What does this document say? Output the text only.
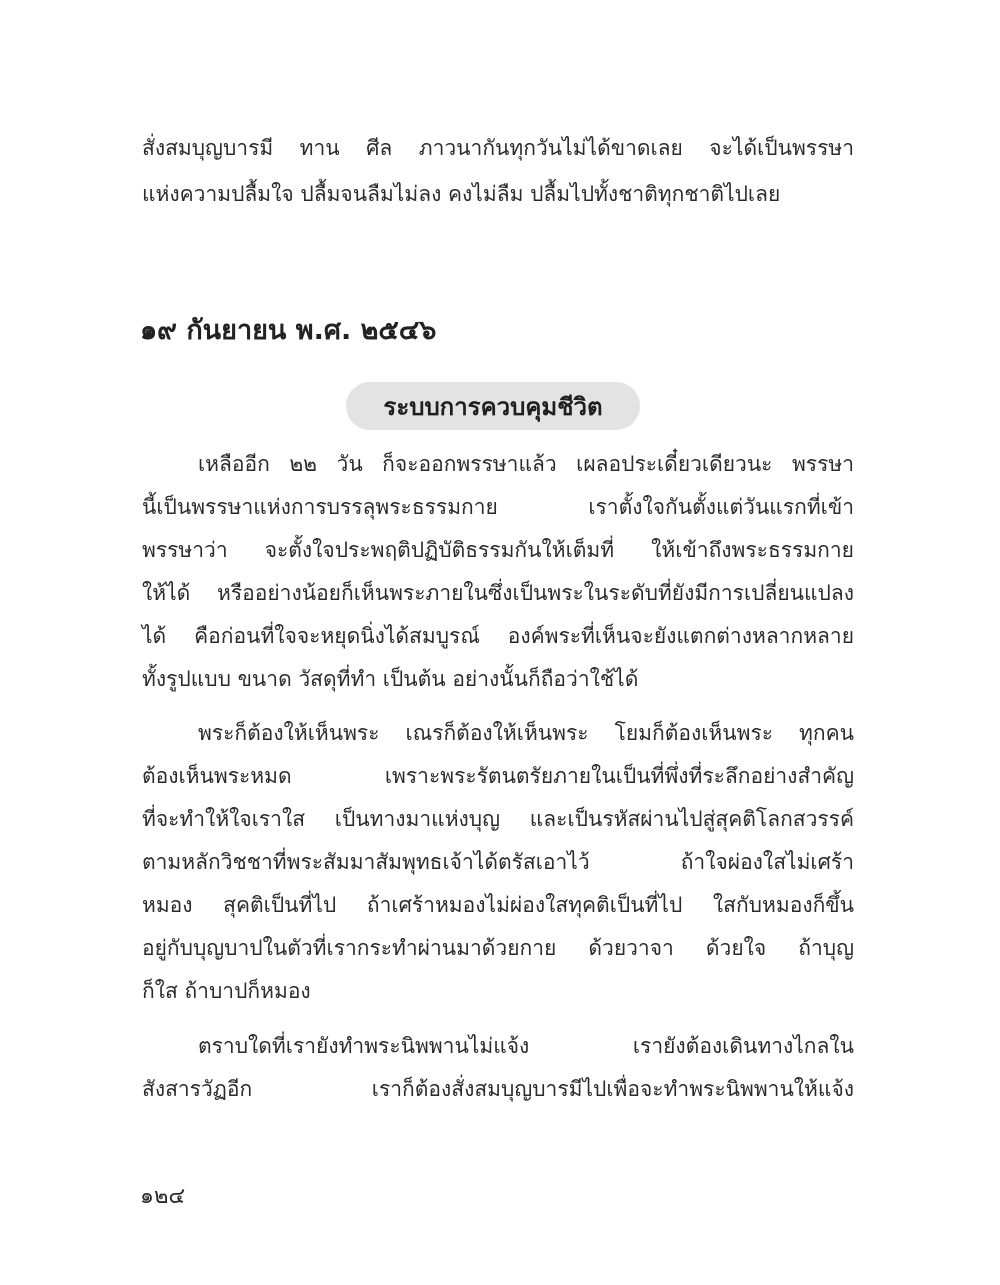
สั่งสมบุญบารมี ทาน ศีล ภาวนากันทุกวันไม่ได้ขาดเลย จะได้เป็นพรรษา
แห่งความปลื้มใจ ปลื้มจนลืมไม่ลง คงไม่ลืม ปลื้มไปทั้งชาติทุกชาติไปเลย
๑๙ กันยายน พ.ศ. ๒๕๔๖
ระบบการควบคุมชีวิต
เหลืออีก ๒๒ วัน ก็จะออกพรรษาแล้ว เผลอประเดี๋ยวเดียวนะ พรรษา
นี้เป็นพรรษาแห่งการบรรลุพระธรรมกาย เราตั้งใจกันตั้งแต่วันแรกที่เข้า
พรรษาว่า จะตั้งใจประพฤติปฏิบัติธรรมกันให้เต็มที่ ให้เข้าถึงพระธรรมกาย
ให้ได้ หรืออย่างน้อยก็เห็นพระภายในซึ่งเป็นพระในระดับที่ยังมีการเปลี่ยนแปลง
ได้ คือก่อนที่ใจจะหยุดนิ่งได้สมบูรณ์ องค์พระที่เห็นจะยังแตกต่างหลากหลาย
ทั้งรูปแบบ ขนาด วัสดุที่ทำ เป็นต้น อย่างนั้นก็ถือว่าใช้ได้
พระก็ต้องให้เห็นพระ เณรก็ต้องให้เห็นพระ โยมก็ต้องเห็นพระ ทุกคน
ต้องเห็นพระหมด เพราะพระรัตนตรัยภายในเป็นที่พึ่งที่ระลึกอย่างสำคัญ
ที่จะทำให้ใจเราใส เป็นทางมาแห่งบุญ และเป็นรหัสผ่านไปสู่สุคติโลกสวรรค์
ตามหลักวิชชาที่พระสัมมาสัมพุทธเจ้าได้ตรัสเอาไว้ ถ้าใจผ่องใสไม่เศร้า
หมอง สุคติเป็นที่ไป ถ้าเศร้าหมองไม่ผ่องใสทุคติเป็นที่ไป ใสกับหมองก็ขึ้น
อยู่กับบุญบาปในตัวที่เรากระทำผ่านมาด้วยกาย ด้วยวาจา ด้วยใจ ถ้าบุญ
ก็ใส ถ้าบาปก็หมอง
ตราบใดที่เรายังทำพระนิพพานไม่แจ้ง เรายังต้องเดินทางไกลใน
สังสารวัฏอีก เราก็ต้องสั่งสมบุญบารมีไปเพื่อจะทำพระนิพพานให้แจ้ง
๑๒๔
